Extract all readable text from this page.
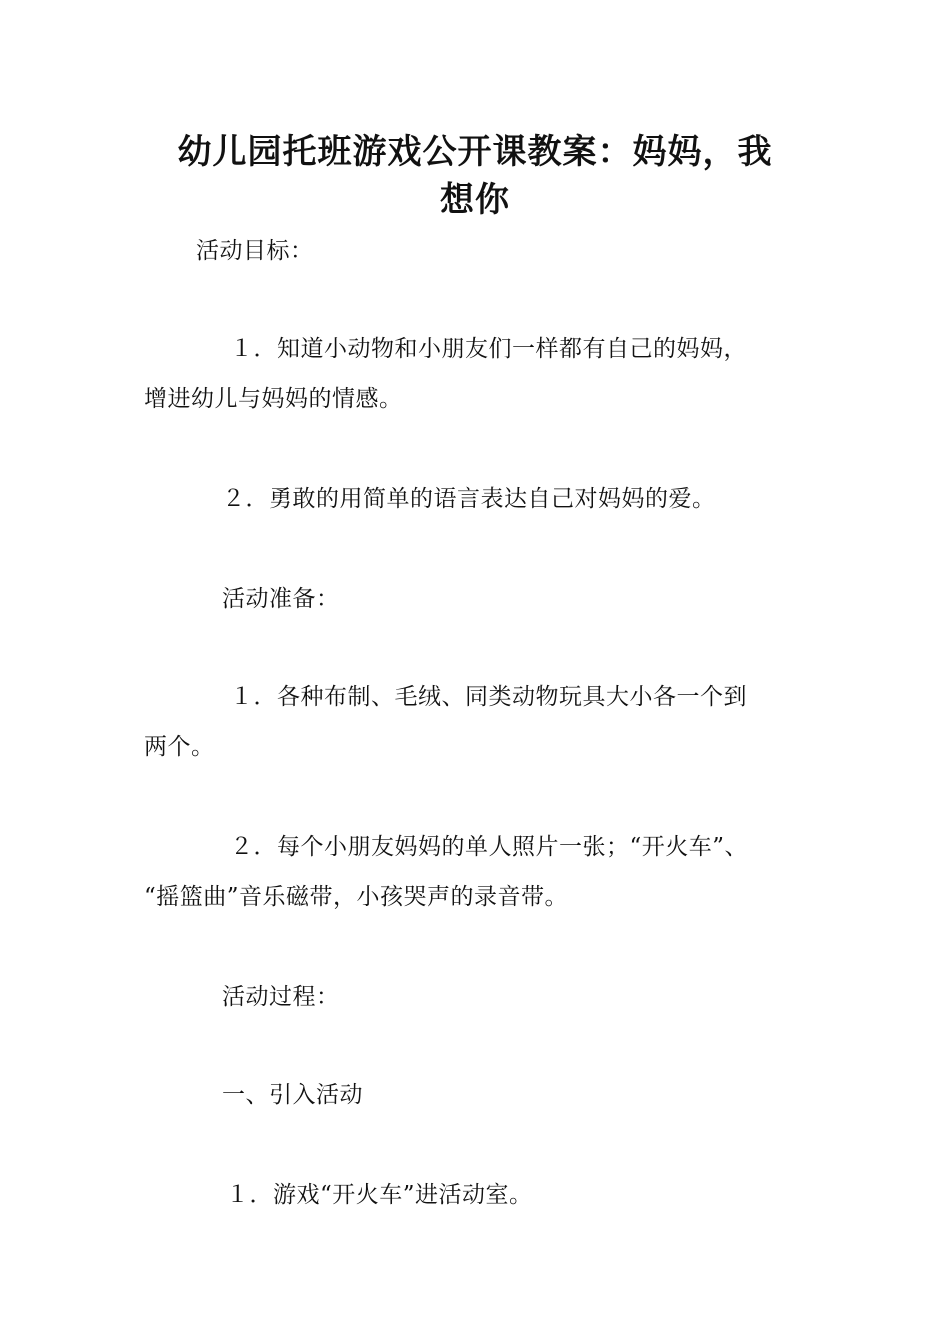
幼儿园托班游戏公开课教案：妈妈，我
想你
活动目标：
１．知道小动物和小朋友们一样都有自己的妈妈，
增进幼儿与妈妈的情感。
２．勇敢的用简单的语言表达自己对妈妈的爱。
活动准备：
１．各种布制、毛绒、同类动物玩具大小各一个到
两个。
２．每个小朋友妈妈的单人照片一张；“开火车”、
“摇篮曲”音乐磁带，小孩哭声的录音带。
活动过程：
一、引入活动
１．游戏“开火车”进活动室。
